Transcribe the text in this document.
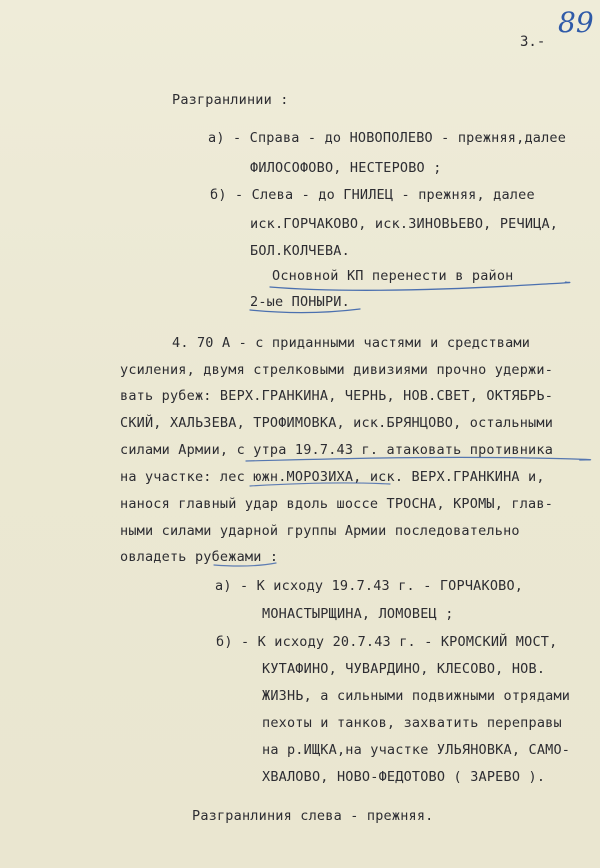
89
3.-
Разгранлинии :
а) - Справа - до НОВОПОЛЕВО - прежняя,далее
ФИЛОСОФОВО, НЕСТЕРОВО ;
б) - Слева - до ГНИЛЕЦ - прежняя, далее
иск.ГОРЧАКОВО, иск.ЗИНОВЬЕВО, РЕЧИЦА,
БОЛ.КОЛЧЕВА.
Основной КП перенести в район
2-ые ПОНЫРИ.
4. 70 А - с приданными частями и средствами
усиления, двумя стрелковыми дивизиями прочно удержи-
вать рубеж: ВЕРХ.ГРАНКИНА, ЧЕРНЬ, НОВ.СВЕТ, ОКТЯБРЬ-
СКИЙ, ХАЛЬЗЕВА, ТРОФИМОВКА, иск.БРЯНЦОВО, остальными
силами Армии, с утра 19.7.43 г. атаковать противника
на участке: лес южн.МОРОЗИХА, иск. ВЕРХ.ГРАНКИНА и,
нанося главный удар вдоль шоссе ТРОСНА, КРОМЫ, глав-
ными силами ударной группы Армии последовательно
овладеть рубежами :
а) - К исходу 19.7.43 г. - ГОРЧАКОВО,
МОНАСТЫРЩИНА, ЛОМОВЕЦ ;
б) - К исходу 20.7.43 г. - КРОМСКИЙ МОСТ,
КУТАФИНО, ЧУВАРДИНО, КЛЕСОВО, НОВ.
ЖИЗНЬ, а сильными подвижными отрядами
пехоты и танков, захватить переправы
на р.ИЩКА,на участке УЛЬЯНОВКА, САМО-
ХВАЛОВО, НОВО-ФЕДОТОВО ( ЗАРЕВО ).
Разгранлиния слева - прежняя.
